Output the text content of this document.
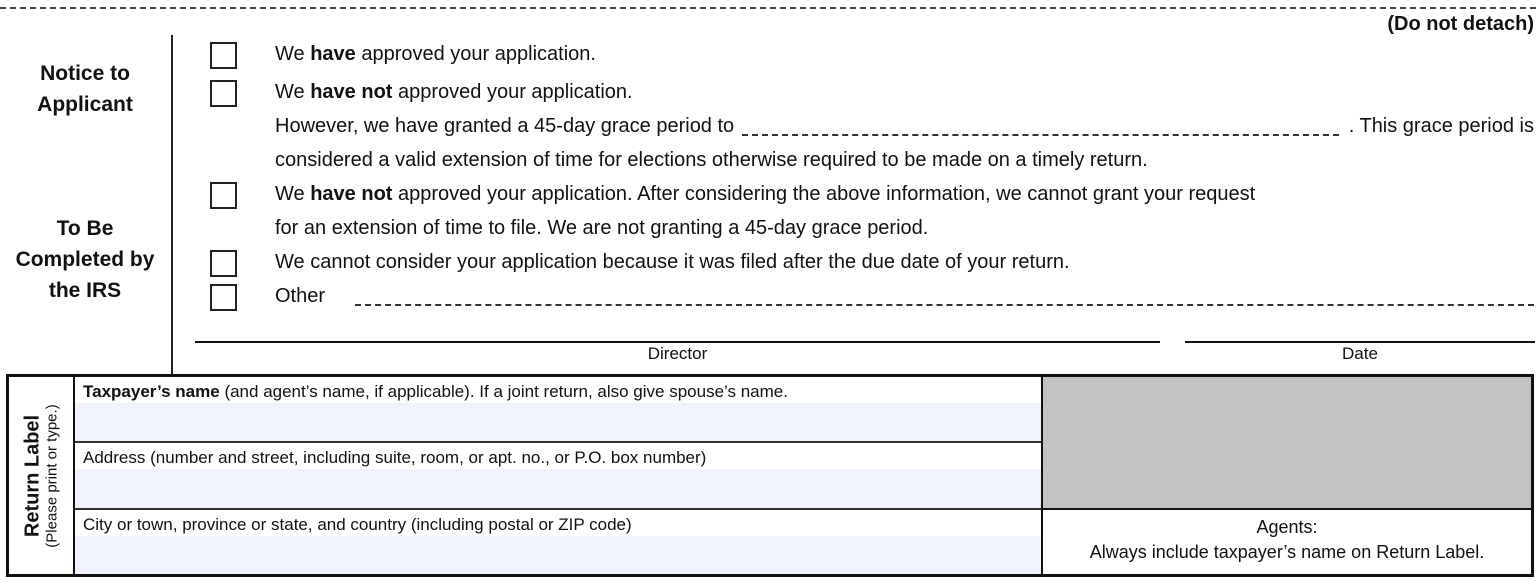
(Do not detach)
Notice to Applicant
To Be Completed by the IRS
We have approved your application.
We have not approved your application.
However, we have granted a 45-day grace period to	. This grace period is
considered a valid extension of time for elections otherwise required to be made on a timely return.
We have not approved your application. After considering the above information, we cannot grant your request
for an extension of time to file. We are not granting a 45-day grace period.
We cannot consider your application because it was filed after the due date of your return.
Other
Director	Date
Return Label (Please print or type.)
Taxpayer’s name (and agent’s name, if applicable). If a joint return, also give spouse’s name.
Address (number and street, including suite, room, or apt. no., or P.O. box number)
City or town, province or state, and country (including postal or ZIP code)	Agents:
Always include taxpayer’s name on Return Label.
